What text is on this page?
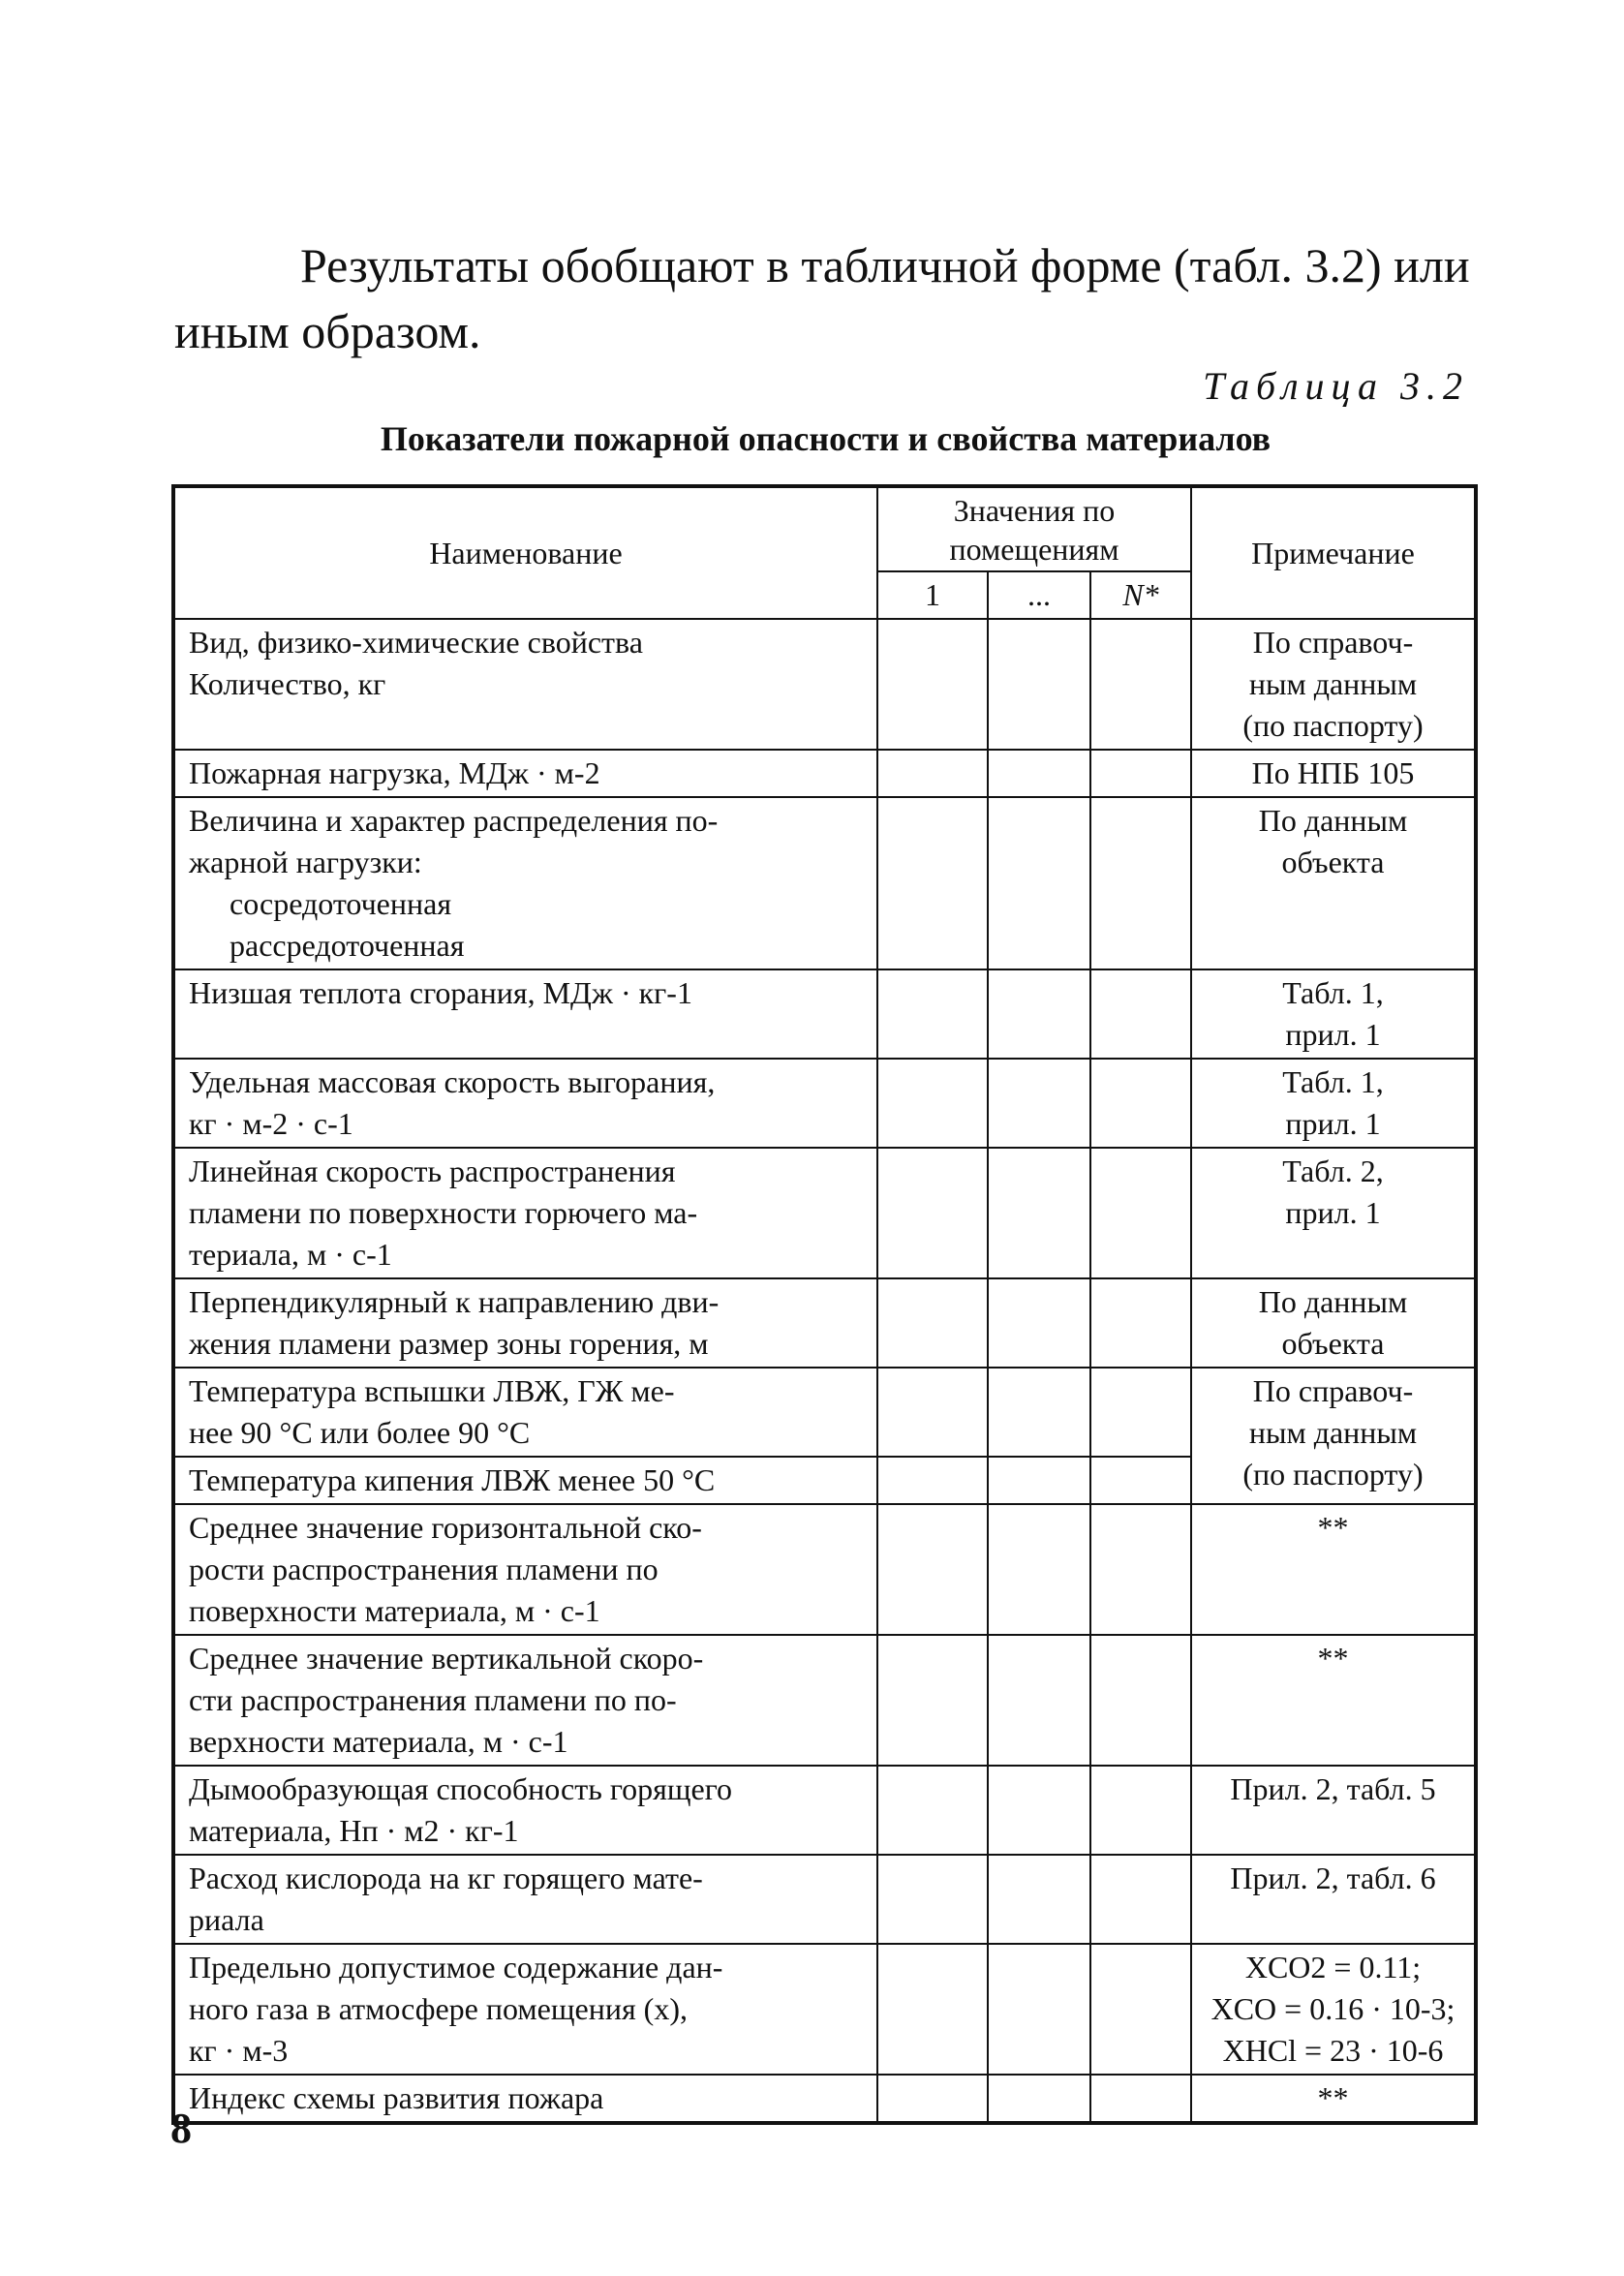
Результаты обобщают в табличной форме (табл. 3.2) или иным образом.

Таблица 3.2
Показатели пожарной опасности и свойства материалов
Наименование	Значения по помещениям			Примечание
	1	...	N*	

Вид, физико-химические свойства
Количество, кг				По справоч-
ным данным
(по паспорту)

Пожарная нагрузка, МДж · м-2				По НПБ 105

Величина и характер распределения по-
жарной нагрузки:
сосредоточенная
рассредоточенная				По данным
объекта

Низшая теплота сгорания, МДж · кг-1				Табл. 1,
прил. 1

Удельная массовая скорость выгорания,
кг · м-2 · с-1				Табл. 1,
прил. 1

Линейная скорость распространения
пламени по поверхности горючего ма-
териала, м · с-1				Табл. 2,
прил. 1

Перпендикулярный к направлению дви-
жения пламени размер зоны горения, м				По данным
объекта

Температура вспышки ЛВЖ, ГЖ ме-
нее 90 °С или более 90 °С				По справоч-
ным данным
(по паспорту)

Температура кипения ЛВЖ менее 50 °С				

Среднее значение горизонтальной ско-
рости распространения пламени по
поверхности материала, м · с-1				**

Среднее значение вертикальной скоро-
сти распространения пламени по по-
верхности материала, м · с-1				**

Дымообразующая способность горящего
материала, Нп · м2 · кг-1				Прил. 2, табл. 5

Расход кислорода на кг горящего мате-
риала				Прил. 2, табл. 6

Предельно допустимое содержание дан-
ного газа в атмосфере помещения (х),
кг · м-3				XCO2 = 0.11;
XCO = 0.16 · 10-3;
XHCl = 23 · 10-6

Индекс схемы развития пожара				**
8
